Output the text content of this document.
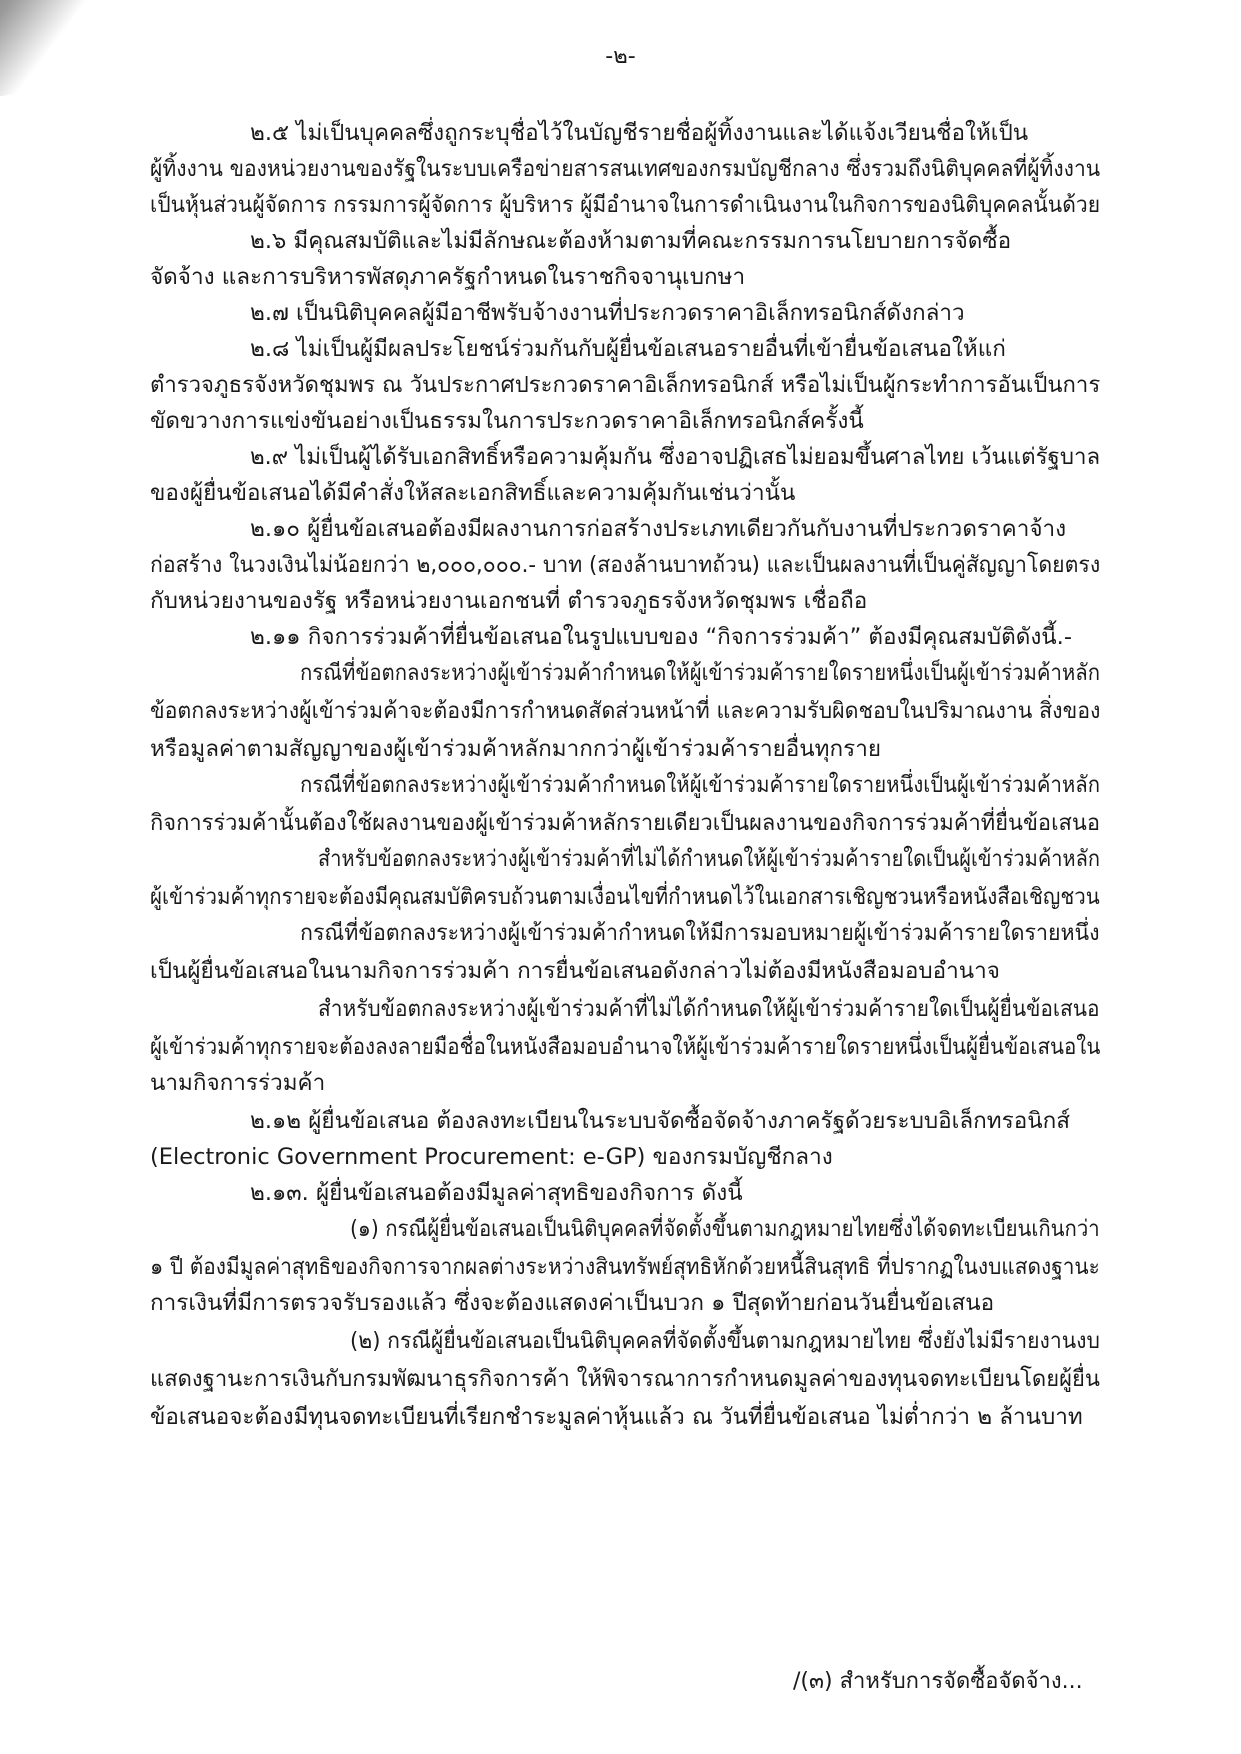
-๒-
๒.๕ ไม่เป็นบุคคลซึ่งถูกระบุชื่อไว้ในบัญชีรายชื่อผู้ทิ้งงานและได้แจ้งเวียนชื่อให้เป็น
ผู้ทิ้งงาน ของหน่วยงานของรัฐในระบบเครือข่ายสารสนเทศของกรมบัญชีกลาง ซึ่งรวมถึงนิติบุคคลที่ผู้ทิ้งงาน
เป็นหุ้นส่วนผู้จัดการ กรรมการผู้จัดการ ผู้บริหาร ผู้มีอำนาจในการดำเนินงานในกิจการของนิติบุคคลนั้นด้วย
๒.๖ มีคุณสมบัติและไม่มีลักษณะต้องห้ามตามที่คณะกรรมการนโยบายการจัดซื้อ
จัดจ้าง และการบริหารพัสดุภาครัฐกำหนดในราชกิจจานุเบกษา
๒.๗ เป็นนิติบุคคลผู้มีอาชีพรับจ้างงานที่ประกวดราคาอิเล็กทรอนิกส์ดังกล่าว
๒.๘ ไม่เป็นผู้มีผลประโยชน์ร่วมกันกับผู้ยื่นข้อเสนอรายอื่นที่เข้ายื่นข้อเสนอให้แก่
ตำรวจภูธรจังหวัดชุมพร ณ วันประกาศประกวดราคาอิเล็กทรอนิกส์ หรือไม่เป็นผู้กระทำการอันเป็นการ
ขัดขวางการแข่งขันอย่างเป็นธรรมในการประกวดราคาอิเล็กทรอนิกส์ครั้งนี้
๒.๙ ไม่เป็นผู้ได้รับเอกสิทธิ์หรือความคุ้มกัน ซึ่งอาจปฏิเสธไม่ยอมขึ้นศาลไทย เว้นแต่รัฐบาล
ของผู้ยื่นข้อเสนอได้มีคำสั่งให้สละเอกสิทธิ์และความคุ้มกันเช่นว่านั้น
๒.๑๐ ผู้ยื่นข้อเสนอต้องมีผลงานการก่อสร้างประเภทเดียวกันกับงานที่ประกวดราคาจ้าง
ก่อสร้าง ในวงเงินไม่น้อยกว่า ๒,๐๐๐,๐๐๐.- บาท (สองล้านบาทถ้วน) และเป็นผลงานที่เป็นคู่สัญญาโดยตรง
กับหน่วยงานของรัฐ หรือหน่วยงานเอกชนที่ ตำรวจภูธรจังหวัดชุมพร เชื่อถือ
๒.๑๑ กิจการร่วมค้าที่ยื่นข้อเสนอในรูปแบบของ “กิจการร่วมค้า” ต้องมีคุณสมบัติดังนี้.-
กรณีที่ข้อตกลงระหว่างผู้เข้าร่วมค้ากำหนดให้ผู้เข้าร่วมค้ารายใดรายหนึ่งเป็นผู้เข้าร่วมค้าหลัก
ข้อตกลงระหว่างผู้เข้าร่วมค้าจะต้องมีการกำหนดสัดส่วนหน้าที่ และความรับผิดชอบในปริมาณงาน สิ่งของ
หรือมูลค่าตามสัญญาของผู้เข้าร่วมค้าหลักมากกว่าผู้เข้าร่วมค้ารายอื่นทุกราย
กรณีที่ข้อตกลงระหว่างผู้เข้าร่วมค้ากำหนดให้ผู้เข้าร่วมค้ารายใดรายหนึ่งเป็นผู้เข้าร่วมค้าหลัก
กิจการร่วมค้านั้นต้องใช้ผลงานของผู้เข้าร่วมค้าหลักรายเดียวเป็นผลงานของกิจการร่วมค้าที่ยื่นข้อเสนอ
สำหรับข้อตกลงระหว่างผู้เข้าร่วมค้าที่ไม่ได้กำหนดให้ผู้เข้าร่วมค้ารายใดเป็นผู้เข้าร่วมค้าหลัก
ผู้เข้าร่วมค้าทุกรายจะต้องมีคุณสมบัติครบถ้วนตามเงื่อนไขที่กำหนดไว้ในเอกสารเชิญชวนหรือหนังสือเชิญชวน
กรณีที่ข้อตกลงระหว่างผู้เข้าร่วมค้ากำหนดให้มีการมอบหมายผู้เข้าร่วมค้ารายใดรายหนึ่ง
เป็นผู้ยื่นข้อเสนอในนามกิจการร่วมค้า การยื่นข้อเสนอดังกล่าวไม่ต้องมีหนังสือมอบอำนาจ
สำหรับข้อตกลงระหว่างผู้เข้าร่วมค้าที่ไม่ได้กำหนดให้ผู้เข้าร่วมค้ารายใดเป็นผู้ยื่นข้อเสนอ
ผู้เข้าร่วมค้าทุกรายจะต้องลงลายมือชื่อในหนังสือมอบอำนาจให้ผู้เข้าร่วมค้ารายใดรายหนึ่งเป็นผู้ยื่นข้อเสนอใน
นามกิจการร่วมค้า
๒.๑๒ ผู้ยื่นข้อเสนอ ต้องลงทะเบียนในระบบจัดซื้อจัดจ้างภาครัฐด้วยระบบอิเล็กทรอนิกส์
(Electronic Government Procurement: e-GP) ของกรมบัญชีกลาง
๒.๑๓. ผู้ยื่นข้อเสนอต้องมีมูลค่าสุทธิของกิจการ ดังนี้
(๑) กรณีผู้ยื่นข้อเสนอเป็นนิติบุคคลที่จัดตั้งขึ้นตามกฎหมายไทยซึ่งได้จดทะเบียนเกินกว่า
๑ ปี ต้องมีมูลค่าสุทธิของกิจการจากผลต่างระหว่างสินทรัพย์สุทธิหักด้วยหนี้สินสุทธิ ที่ปรากฏในงบแสดงฐานะ
การเงินที่มีการตรวจรับรองแล้ว ซึ่งจะต้องแสดงค่าเป็นบวก ๑ ปีสุดท้ายก่อนวันยื่นข้อเสนอ
(๒) กรณีผู้ยื่นข้อเสนอเป็นนิติบุคคลที่จัดตั้งขึ้นตามกฎหมายไทย ซึ่งยังไม่มีรายงานงบ
แสดงฐานะการเงินกับกรมพัฒนาธุรกิจการค้า ให้พิจารณาการกำหนดมูลค่าของทุนจดทะเบียนโดยผู้ยื่น
ข้อเสนอจะต้องมีทุนจดทะเบียนที่เรียกชำระมูลค่าหุ้นแล้ว ณ วันที่ยื่นข้อเสนอ ไม่ต่ำกว่า ๒ ล้านบาท
/(๓) สำหรับการจัดซื้อจัดจ้าง...
